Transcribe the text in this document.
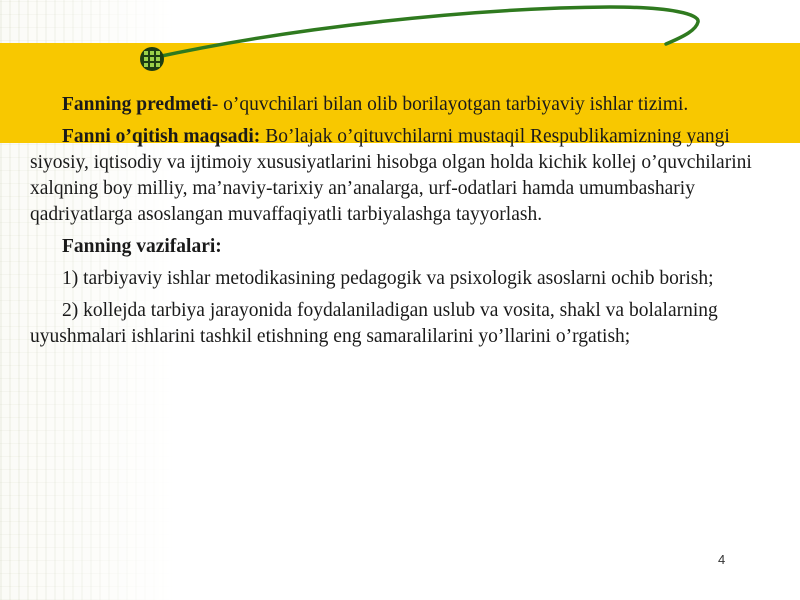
Fanning predmeti- o’quvchilari bilan olib borilayotgan tarbiyaviy ishlar tizimi.

Fanni o’qitish maqsadi: Bo’lajak o’qituvchilarni mustaqil Respublikamizning yangi siyosiy, iqtisodiy va ijtimoiy xususiyatlarini hisobga olgan holda kichik kollej o’quvchilarini xalqning boy milliy, ma’naviy-tarixiy an’analarga, urf-odatlari hamda umumbashariy qadriyatlarga asoslangan muvaffaqiyatli tarbiyalashga tayyorlash.

Fanning vazifalari:

1) tarbiyaviy ishlar metodikasining pedagogik va psixologik asoslarni ochib borish;

2) kollejda tarbiya jarayonida foydalaniladigan uslub va vosita, shakl va bolalarning uyushmalari ishlarini tashkil etishning eng samaralilarini yo’llarini o’rgatish;

4
